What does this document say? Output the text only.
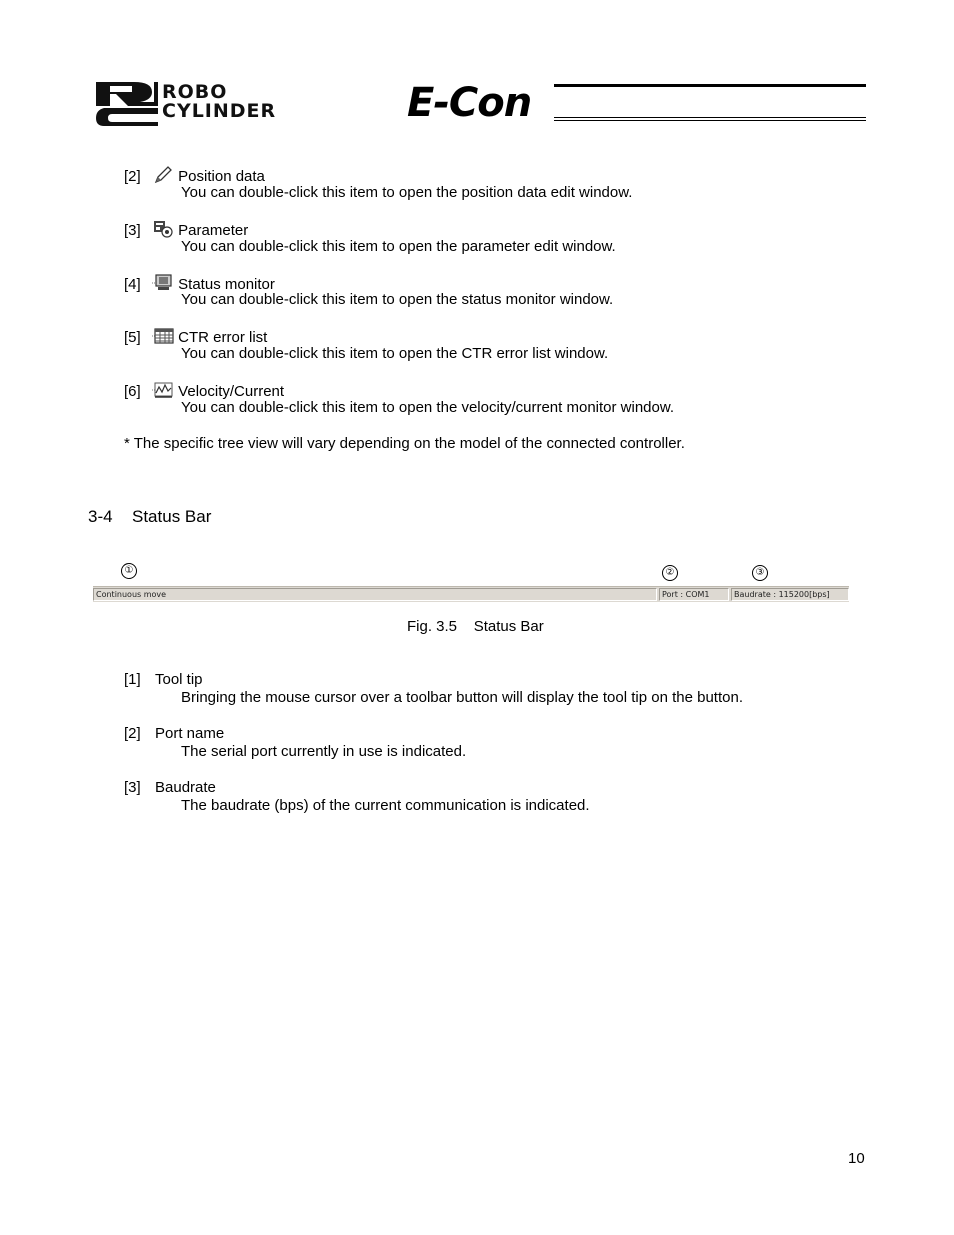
ROBO
CYLINDER	E-Con
[2] Position data
You can double-click this item to open the position data edit window.
[3] Parameter
You can double-click this item to open the parameter edit window.
[4] Status monitor
You can double-click this item to open the status monitor window.
[5] CTR error list
You can double-click this item to open the CTR error list window.
[6] Velocity/Current
You can double-click this item to open the velocity/current monitor window.
* The specific tree view will vary depending on the model of the connected controller.
3-4 Status Bar
①	②	③
Continuous move	Port : COM1	Baudrate : 115200[bps]
Fig. 3.5    Status Bar
[1] Tool tip
Bringing the mouse cursor over a toolbar button will display the tool tip on the button.
[2] Port name
The serial port currently in use is indicated.
[3] Baudrate
The baudrate (bps) of the current communication is indicated.
10
